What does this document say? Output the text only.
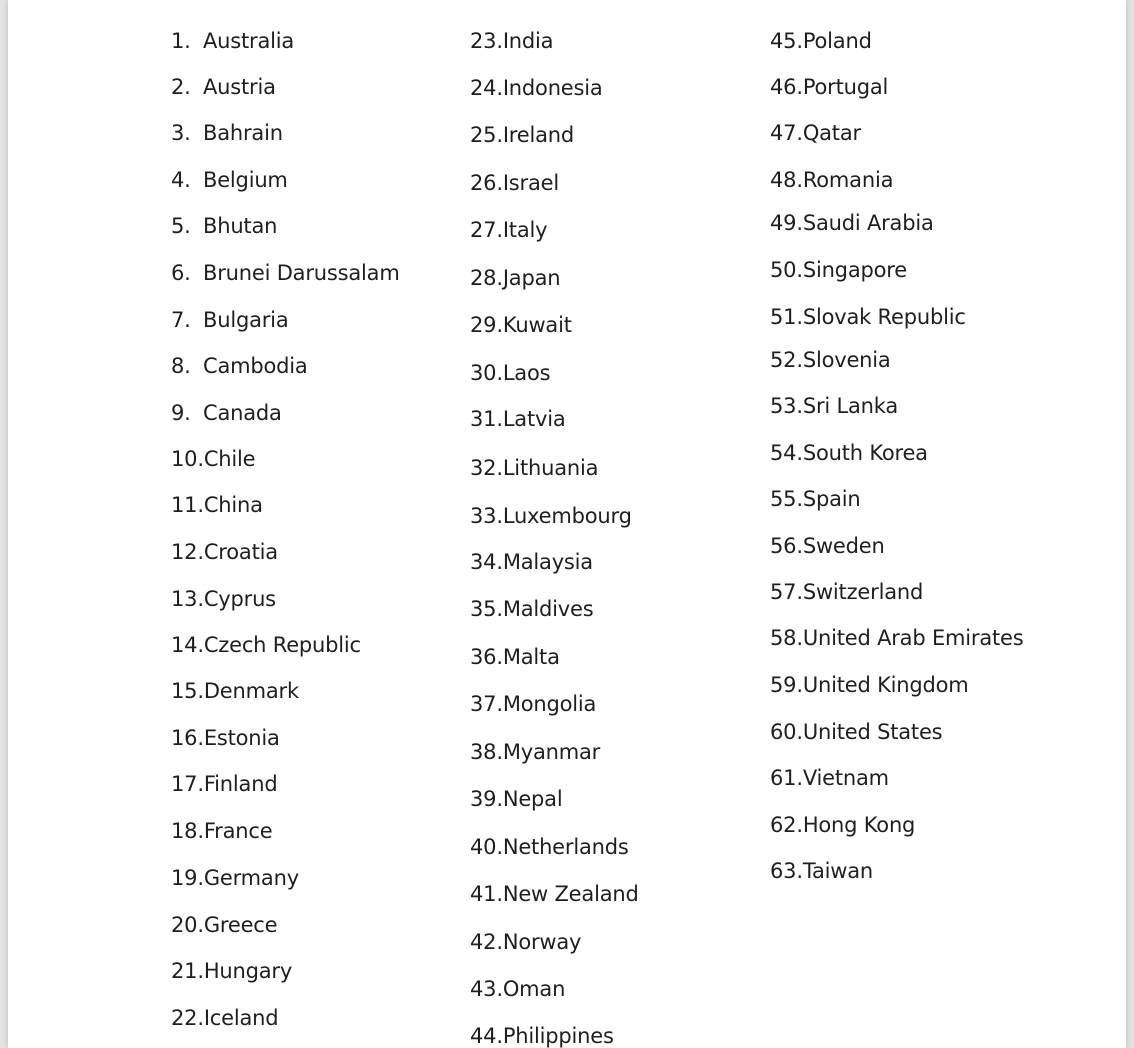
1. Australia
2. Austria
3. Bahrain
4. Belgium
5. Bhutan
6. Brunei Darussalam
7. Bulgaria
8. Cambodia
9. Canada
10.Chile
11.China
12.Croatia
13.Cyprus
14.Czech Republic
15.Denmark
16.Estonia
17.Finland
18.France
19.Germany
20.Greece
21.Hungary
22.Iceland
23.India
24.Indonesia
25.Ireland
26.Israel
27.Italy
28.Japan
29.Kuwait
30.Laos
31.Latvia
32.Lithuania
33.Luxembourg
34.Malaysia
35.Maldives
36.Malta
37.Mongolia
38.Myanmar
39.Nepal
40.Netherlands
41.New Zealand
42.Norway
43.Oman
44.Philippines
45.Poland
46.Portugal
47.Qatar
48.Romania
49.Saudi Arabia
50.Singapore
51.Slovak Republic
52.Slovenia
53.Sri Lanka
54.South Korea
55.Spain
56.Sweden
57.Switzerland
58.United Arab Emirates
59.United Kingdom
60.United States
61.Vietnam
62.Hong Kong
63.Taiwan
